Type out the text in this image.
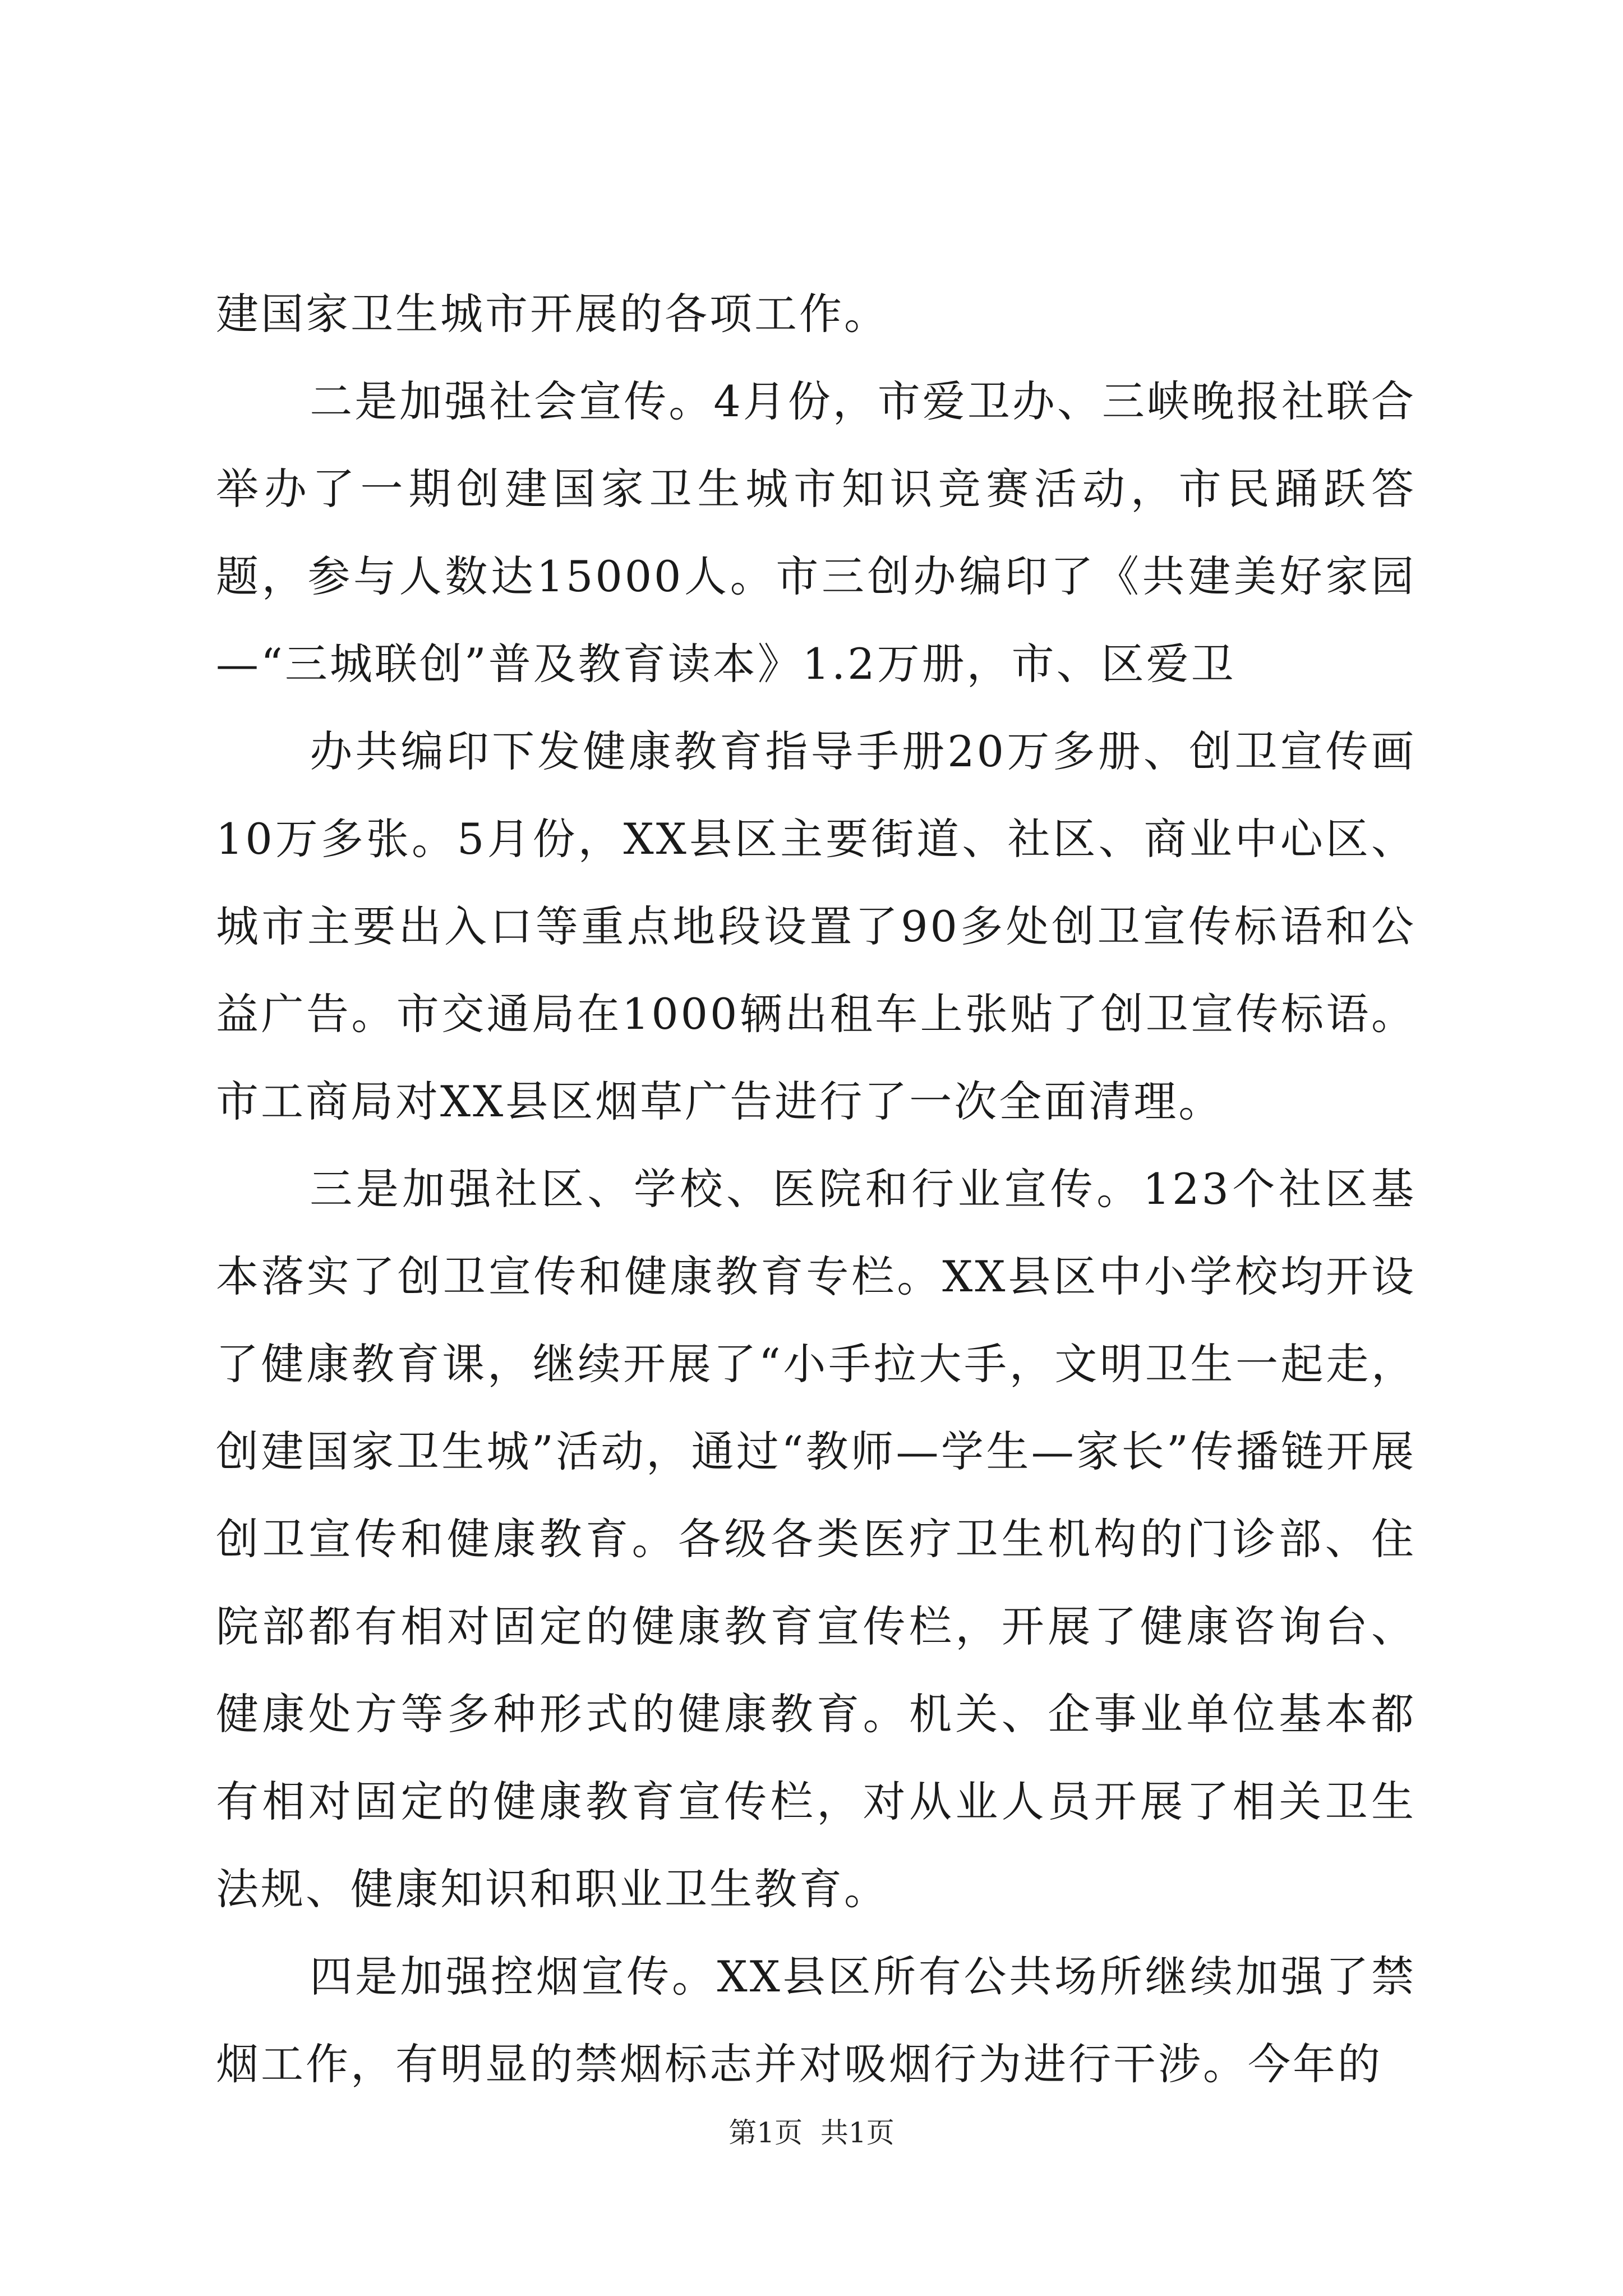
建国家卫生城市开展的各项工作。

二是加强社会宣传。4月份，市爱卫办、三峡晚报社联合举办了一期创建国家卫生城市知识竞赛活动，市民踊跃答题，参与人数达15000人。市三创办编印了《共建美好家园—“三城联创”普及教育读本》1.2万册，市、区爱卫

办共编印下发健康教育指导手册20万多册、创卫宣传画10万多张。5月份，XX县区主要街道、社区、商业中心区、城市主要出入口等重点地段设置了90多处创卫宣传标语和公益广告。市交通局在1000辆出租车上张贴了创卫宣传标语。市工商局对XX县区烟草广告进行了一次全面清理。

三是加强社区、学校、医院和行业宣传。123个社区基本落实了创卫宣传和健康教育专栏。XX县区中小学校均开设了健康教育课，继续开展了“小手拉大手，文明卫生一起走，创建国家卫生城”活动，通过“教师—学生—家长”传播链开展创卫宣传和健康教育。各级各类医疗卫生机构的门诊部、住院部都有相对固定的健康教育宣传栏，开展了健康咨询台、健康处方等多种形式的健康教育。机关、企事业单位基本都有相对固定的健康教育宣传栏，对从业人员开展了相关卫生法规、健康知识和职业卫生教育。

四是加强控烟宣传。XX县区所有公共场所继续加强了禁烟工作，有明显的禁烟标志并对吸烟行为进行干涉。今年的

第1页 共1页
